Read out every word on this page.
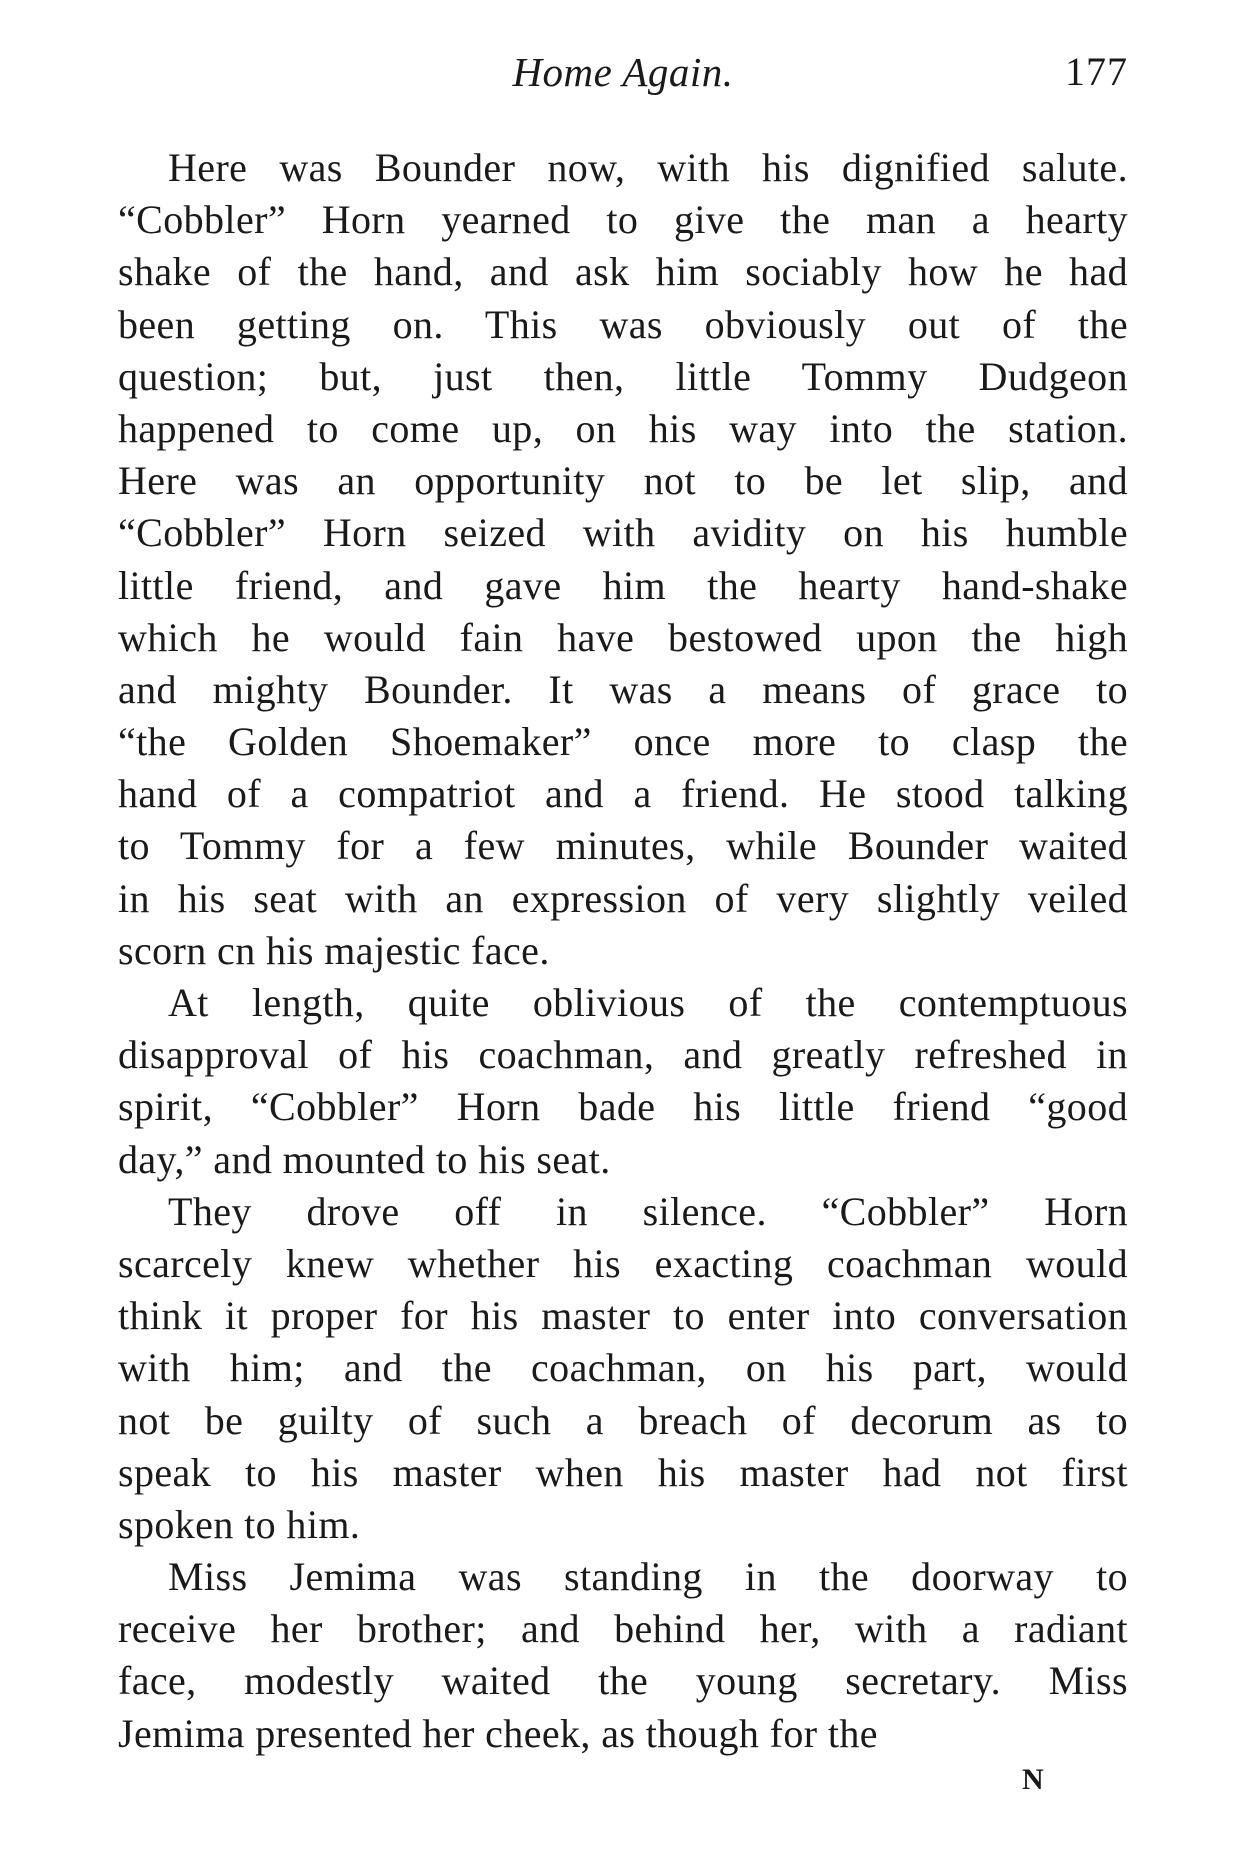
Home Again.	177
Here was Bounder now, with his dignified salute.
“Cobbler” Horn yearned to give the man a hearty
shake of the hand, and ask him sociably how he had
been getting on. This was obviously out of the
question; but, just then, little Tommy Dudgeon
happened to come up, on his way into the station.
Here was an opportunity not to be let slip, and
“Cobbler” Horn seized with avidity on his humble
little friend, and gave him the hearty hand-shake
which he would fain have bestowed upon the high
and mighty Bounder. It was a means of grace to
“the Golden Shoemaker” once more to clasp the
hand of a compatriot and a friend. He stood talking
to Tommy for a few minutes, while Bounder waited
in his seat with an expression of very slightly veiled
scorn cn his majestic face.
At length, quite oblivious of the contemptuous
disapproval of his coachman, and greatly refreshed in
spirit, “Cobbler” Horn bade his little friend “good
day,” and mounted to his seat.
They drove off in silence. “Cobbler” Horn
scarcely knew whether his exacting coachman would
think it proper for his master to enter into conversation
with him; and the coachman, on his part, would
not be guilty of such a breach of decorum as to
speak to his master when his master had not first
spoken to him.
Miss Jemima was standing in the doorway to
receive her brother; and behind her, with a radiant
face, modestly waited the young secretary. Miss
Jemima presented her cheek, as though for the
N
